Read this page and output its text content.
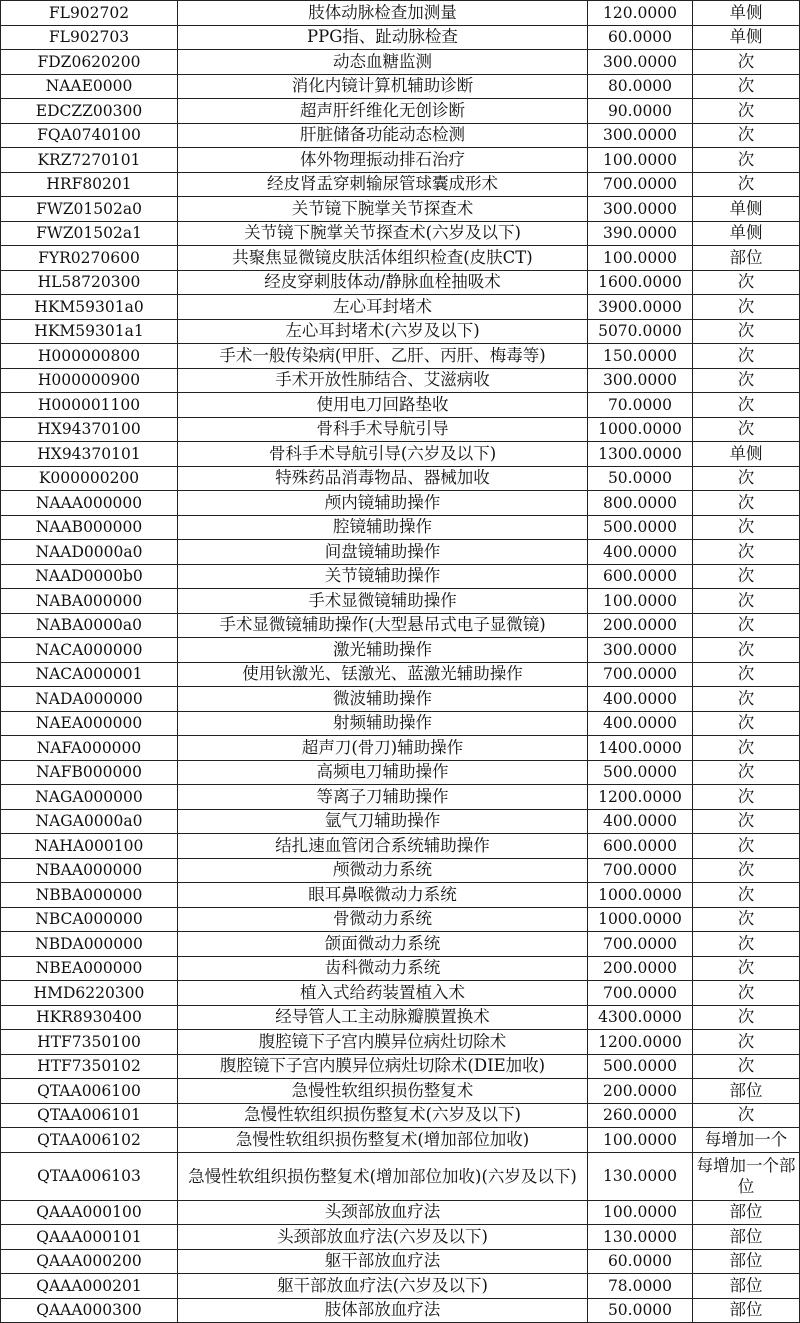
FL902702	肢体动脉检查加测量	120.0000	单侧
FL902703	PPG指、趾动脉检查	60.0000	单侧
FDZ0620200	动态血糖监测	300.0000	次
NAAE0000	消化内镜计算机辅助诊断	80.0000	次
EDCZZ00300	超声肝纤维化无创诊断	90.0000	次
FQA0740100	肝脏储备功能动态检测	300.0000	次
KRZ7270101	体外物理振动排石治疗	100.0000	次
HRF80201	经皮肾盂穿刺输尿管球囊成形术	700.0000	次
FWZ01502a0	关节镜下腕掌关节探查术	300.0000	单侧
FWZ01502a1	关节镜下腕掌关节探查术(六岁及以下)	390.0000	单侧
FYR0270600	共聚焦显微镜皮肤活体组织检查(皮肤CT)	100.0000	部位
HL58720300	经皮穿刺肢体动/静脉血栓抽吸术	1600.0000	次
HKM59301a0	左心耳封堵术	3900.0000	次
HKM59301a1	左心耳封堵术(六岁及以下)	5070.0000	次
H000000800	手术一般传染病(甲肝、乙肝、丙肝、梅毒等)	150.0000	次
H000000900	手术开放性肺结合、艾滋病收	300.0000	次
H000001100	使用电刀回路垫收	70.0000	次
HX94370100	骨科手术导航引导	1000.0000	次
HX94370101	骨科手术导航引导(六岁及以下)	1300.0000	单侧
K000000200	特殊药品消毒物品、器械加收	50.0000	次
NAAA000000	颅内镜辅助操作	800.0000	次
NAAB000000	腔镜辅助操作	500.0000	次
NAAD0000a0	间盘镜辅助操作	400.0000	次
NAAD0000b0	关节镜辅助操作	600.0000	次
NABA000000	手术显微镜辅助操作	100.0000	次
NABA0000a0	手术显微镜辅助操作(大型悬吊式电子显微镜)	200.0000	次
NACA000000	激光辅助操作	300.0000	次
NACA000001	使用钬激光、铥激光、蓝激光辅助操作	700.0000	次
NADA000000	微波辅助操作	400.0000	次
NAEA000000	射频辅助操作	400.0000	次
NAFA000000	超声刀(骨刀)辅助操作	1400.0000	次
NAFB000000	高频电刀辅助操作	500.0000	次
NAGA000000	等离子刀辅助操作	1200.0000	次
NAGA0000a0	氩气刀辅助操作	400.0000	次
NAHA000100	结扎速血管闭合系统辅助操作	600.0000	次
NBAA000000	颅微动力系统	700.0000	次
NBBA000000	眼耳鼻喉微动力系统	1000.0000	次
NBCA000000	骨微动力系统	1000.0000	次
NBDA000000	颌面微动力系统	700.0000	次
NBEA000000	齿科微动力系统	200.0000	次
HMD6220300	植入式给药装置植入术	700.0000	次
HKR8930400	经导管人工主动脉瓣膜置换术	4300.0000	次
HTF7350100	腹腔镜下子宫内膜异位病灶切除术	1200.0000	次
HTF7350102	腹腔镜下子宫内膜异位病灶切除术(DIE加收)	500.0000	次
QTAA006100	急慢性软组织损伤整复术	200.0000	部位
QTAA006101	急慢性软组织损伤整复术(六岁及以下)	260.0000	次
QTAA006102	急慢性软组织损伤整复术(增加部位加收)	100.0000	每增加一个
QTAA006103	急慢性软组织损伤整复术(增加部位加收)(六岁及以下)	130.0000	每增加一个部位
QAAA000100	头颈部放血疗法	100.0000	部位
QAAA000101	头颈部放血疗法(六岁及以下)	130.0000	部位
QAAA000200	躯干部放血疗法	60.0000	部位
QAAA000201	躯干部放血疗法(六岁及以下)	78.0000	部位
QAAA000300	肢体部放血疗法	50.0000	部位
